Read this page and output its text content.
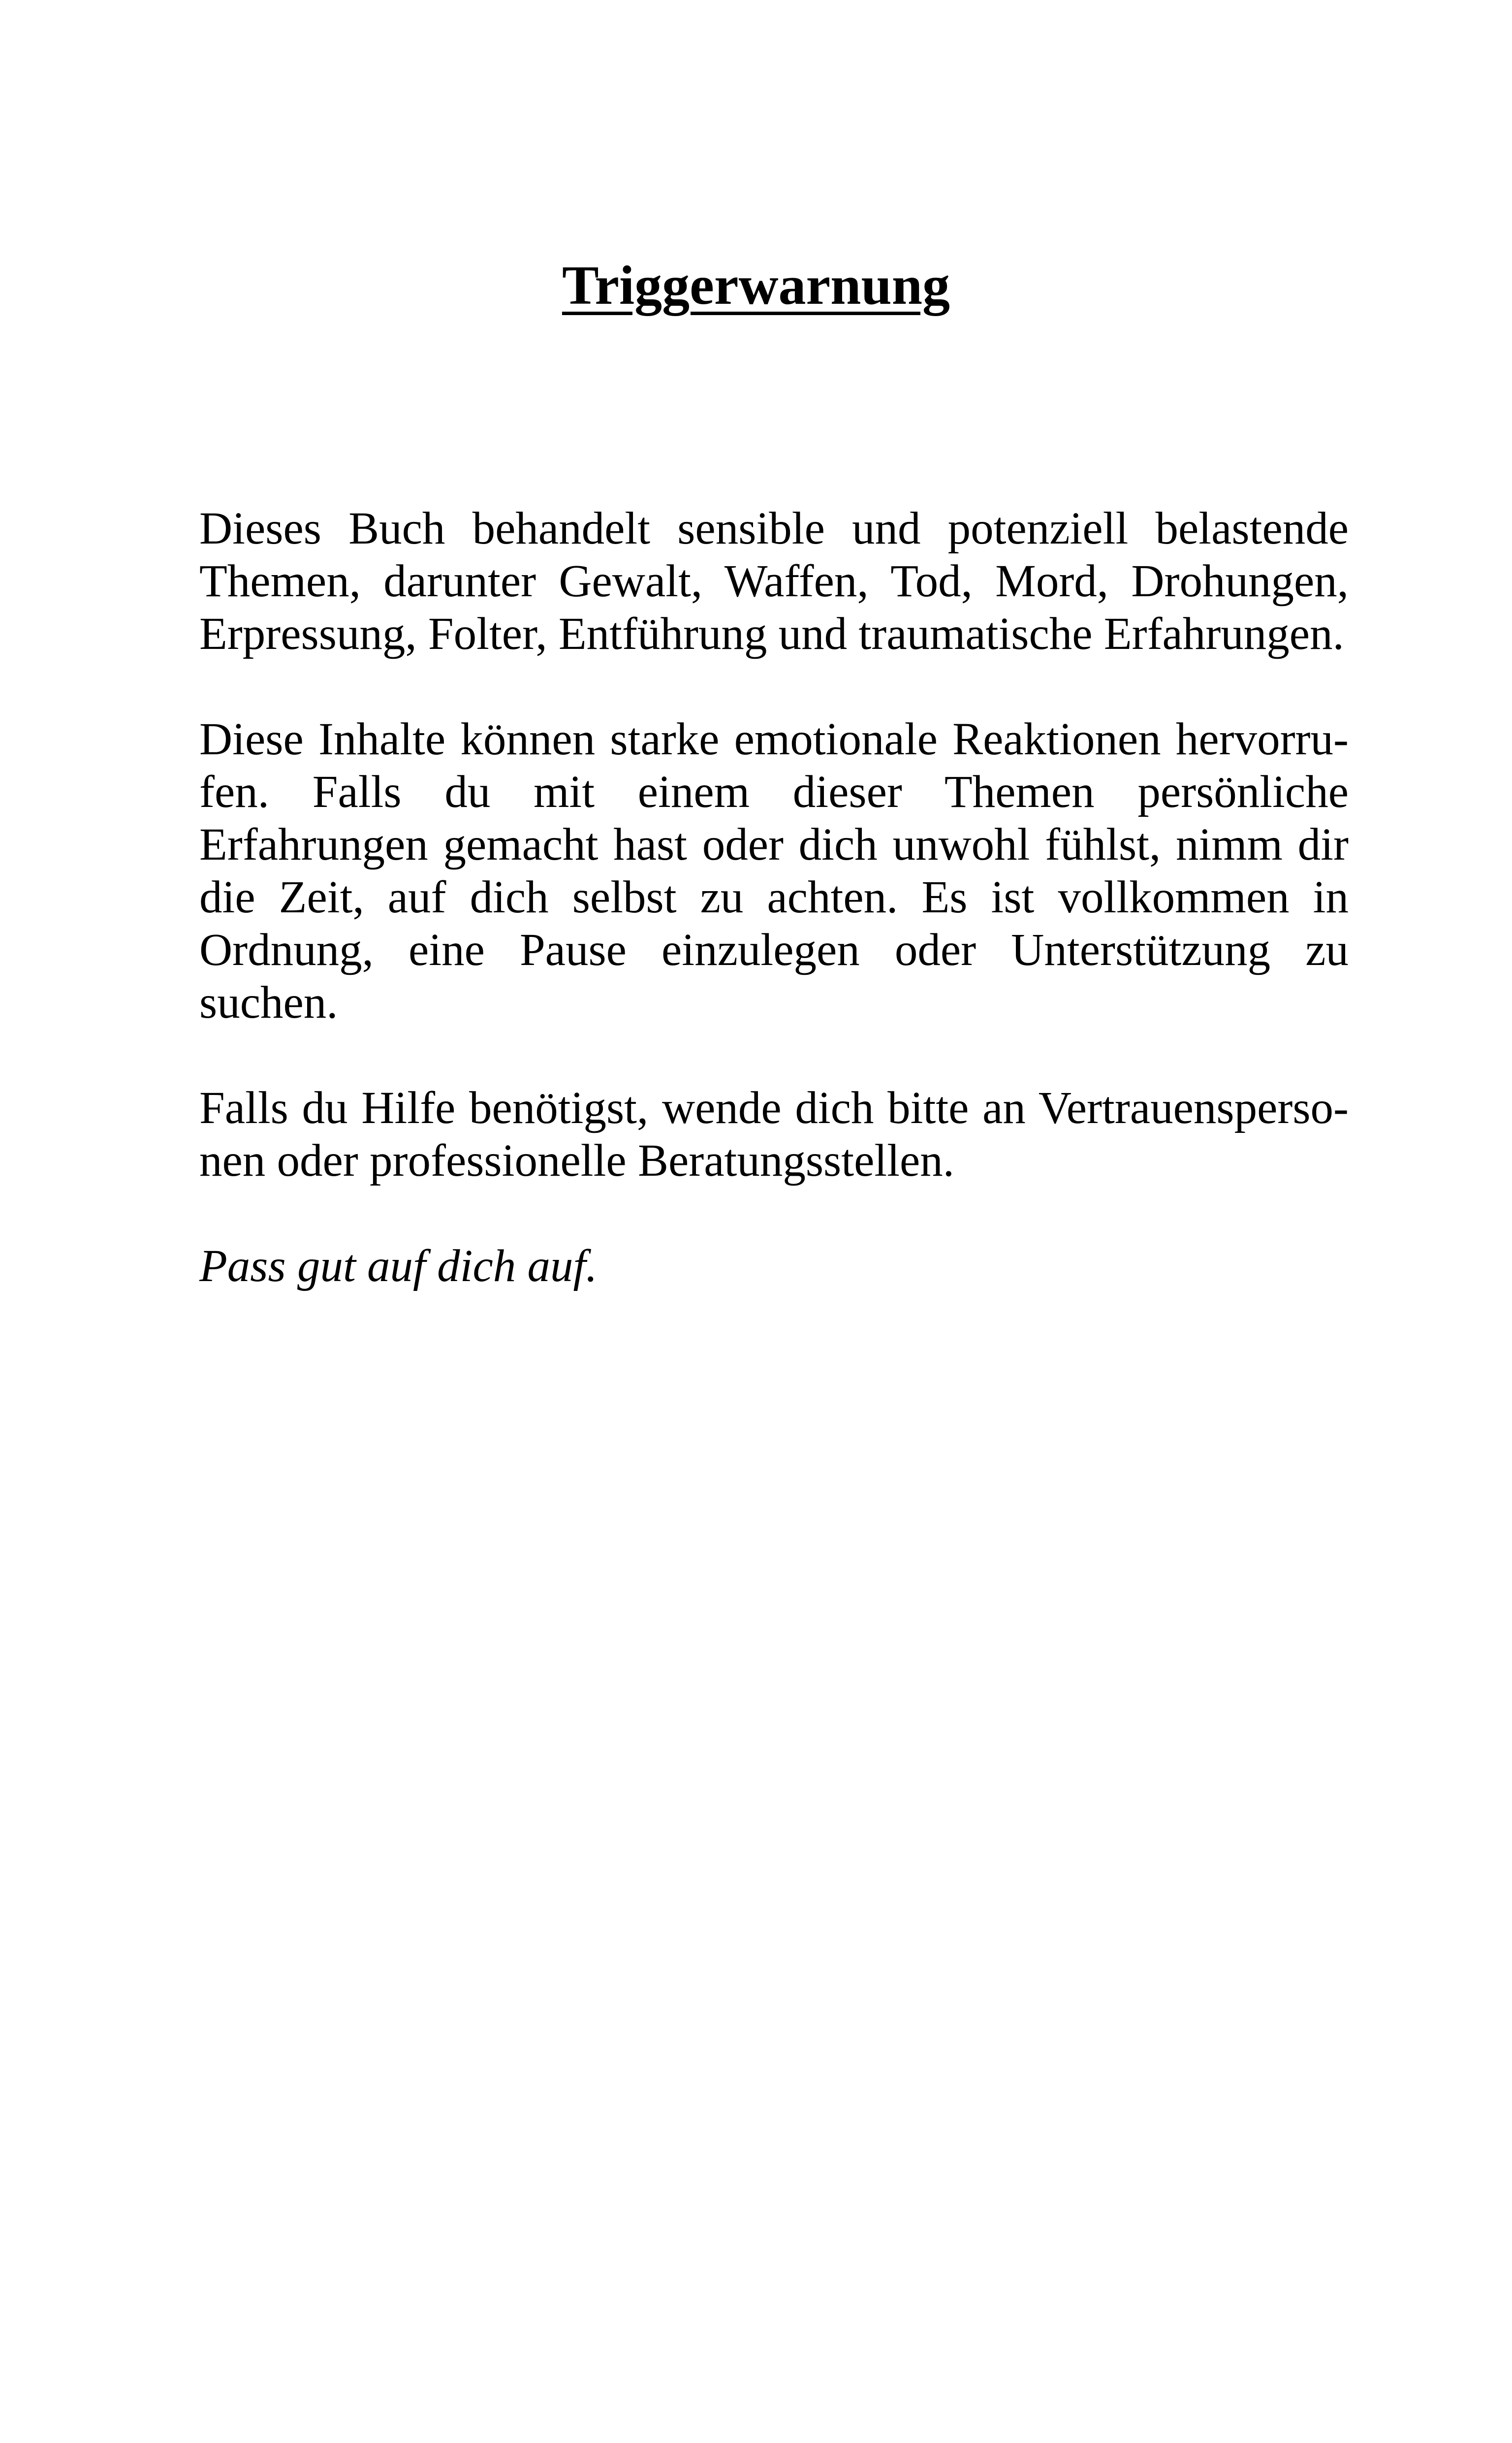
Triggerwarnung

Dieses Buch behandelt sensible und potenziell belastende Themen, darunter Gewalt, Waffen, Tod, Mord, Drohungen, Erpressung, Folter, Entführung und traumatische Erfahrungen.

Diese Inhalte können starke emotionale Reaktionen hervorrufen. Falls du mit einem dieser Themen persönliche Erfahrungen gemacht hast oder dich unwohl fühlst, nimm dir die Zeit, auf dich selbst zu achten. Es ist vollkommen in Ordnung, eine Pause einzulegen oder Unterstützung zu suchen.

Falls du Hilfe benötigst, wende dich bitte an Vertrauenspersonen oder professionelle Beratungsstellen.

Pass gut auf dich auf.
